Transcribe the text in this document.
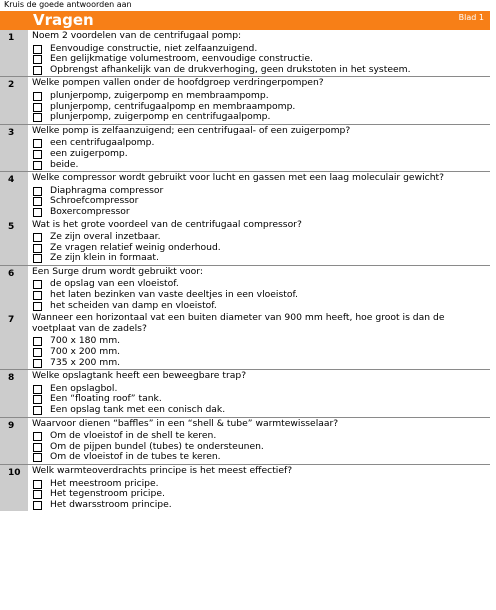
Kruis de goede antwoorden aan
Vragen	Blad 1
1	Noem 2 voordelen van de centrifugaal pomp:
Eenvoudige constructie, niet zelfaanzuigend.
Een gelijkmatige volumestroom, eenvoudige constructie.
Opbrengst afhankelijk van de drukverhoging, geen drukstoten in het systeem.
2	Welke pompen vallen onder de hoofdgroep verdringerpompen?
plunjerpomp, zuigerpomp en membraampomp.
plunjerpomp, centrifugaalpomp en membraampomp.
plunjerpomp, zuigerpomp en centrifugaalpomp.
3	Welke pomp is zelfaanzuigend; een centrifugaal- of een zuigerpomp?
een centrifugaalpomp.
een zuigerpomp.
beide.
4	Welke compressor wordt gebruikt voor lucht en gassen met een laag moleculair gewicht?
Diaphragma compressor
Schroefcompressor
Boxercompressor
5	Wat is het grote voordeel van de centrifugaal compressor?
Ze zijn overal inzetbaar.
Ze vragen relatief weinig onderhoud.
Ze zijn klein in formaat.
6	Een Surge drum wordt gebruikt voor:
de opslag van een vloeistof.
het laten bezinken van vaste deeltjes in een vloeistof.
het scheiden van damp en vloeistof.
7	Wanneer een horizontaal vat een buiten diameter van 900 mm heeft, hoe groot is dan de voetplaat van de zadels?
700 x 180 mm.
700 x 200 mm.
735 x 200 mm.
8	Welke opslagtank heeft een beweegbare trap?
Een opslagbol.
Een “floating roof” tank.
Een opslag tank met een conisch dak.
9	Waarvoor dienen “baffles” in een “shell & tube” warmtewisselaar?
Om de vloeistof in de shell te keren.
Om de pijpen bundel (tubes) te ondersteunen.
Om de vloeistof in de tubes te keren.
10	Welk warmteoverdrachts principe is het meest effectief?
Het meestroom pricipe.
Het tegenstroom pricipe.
Het dwarsstroom principe.
